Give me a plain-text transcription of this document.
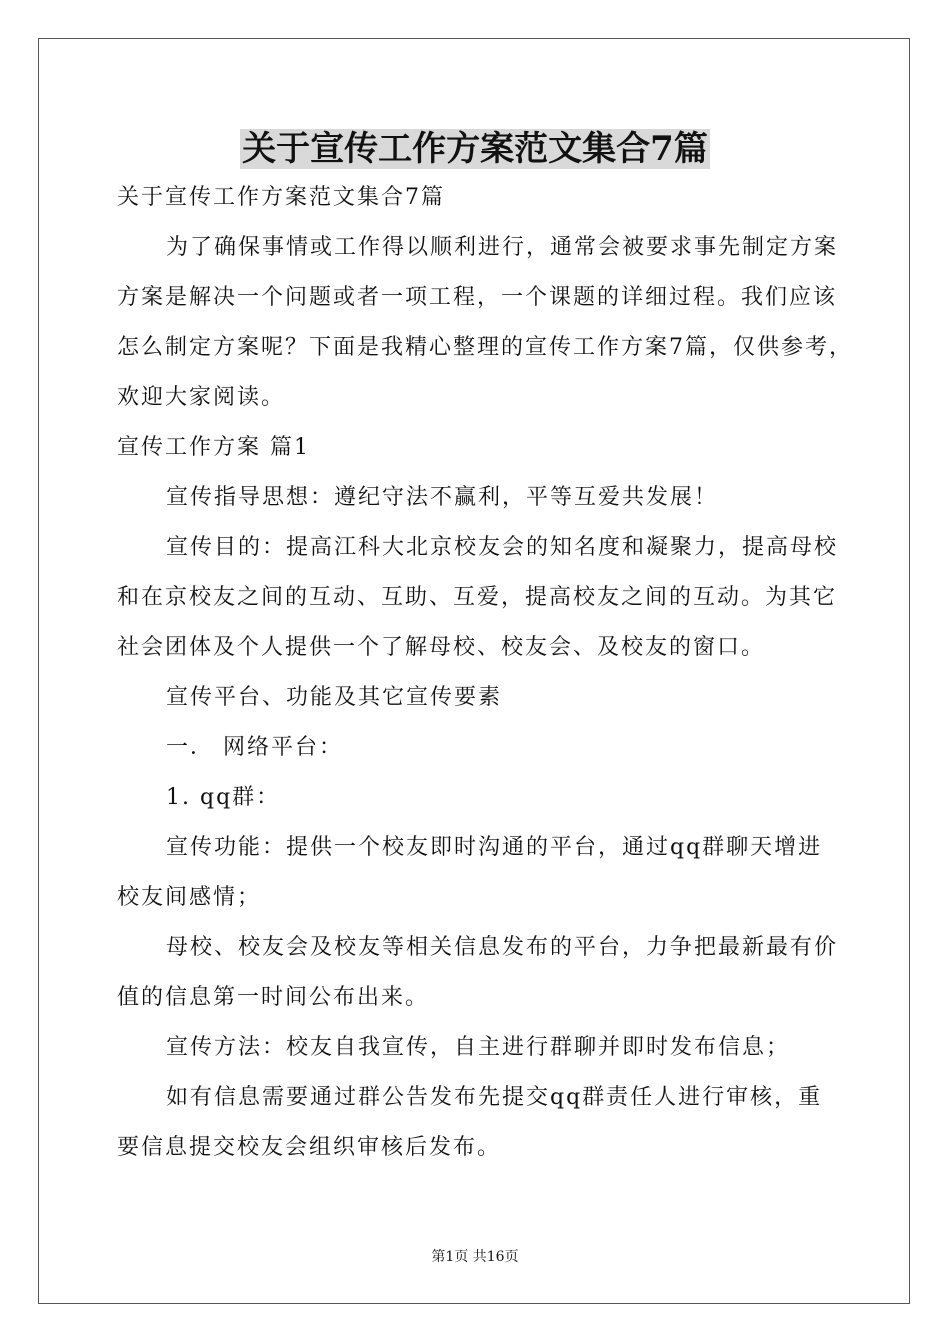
关于宣传工作方案范文集合7篇
关于宣传工作方案范文集合7篇
为了确保事情或工作得以顺利进行，通常会被要求事先制定方案
方案是解决一个问题或者一项工程，一个课题的详细过程。我们应该
怎么制定方案呢？下面是我精心整理的宣传工作方案7篇，仅供参考，
欢迎大家阅读。
宣传工作方案 篇1
宣传指导思想：遵纪守法不赢利，平等互爱共发展！
宣传目的：提高江科大北京校友会的知名度和凝聚力，提高母校
和在京校友之间的互动、互助、互爱，提高校友之间的互动。为其它
社会团体及个人提供一个了解母校、校友会、及校友的窗口。
宣传平台、功能及其它宣传要素
一． 网络平台：
1. qq群：
宣传功能：提供一个校友即时沟通的平台，通过qq群聊天增进
校友间感情；
母校、校友会及校友等相关信息发布的平台，力争把最新最有价
值的信息第一时间公布出来。
宣传方法：校友自我宣传，自主进行群聊并即时发布信息；
如有信息需要通过群公告发布先提交qq群责任人进行审核，重
要信息提交校友会组织审核后发布。
第1页 共16页
